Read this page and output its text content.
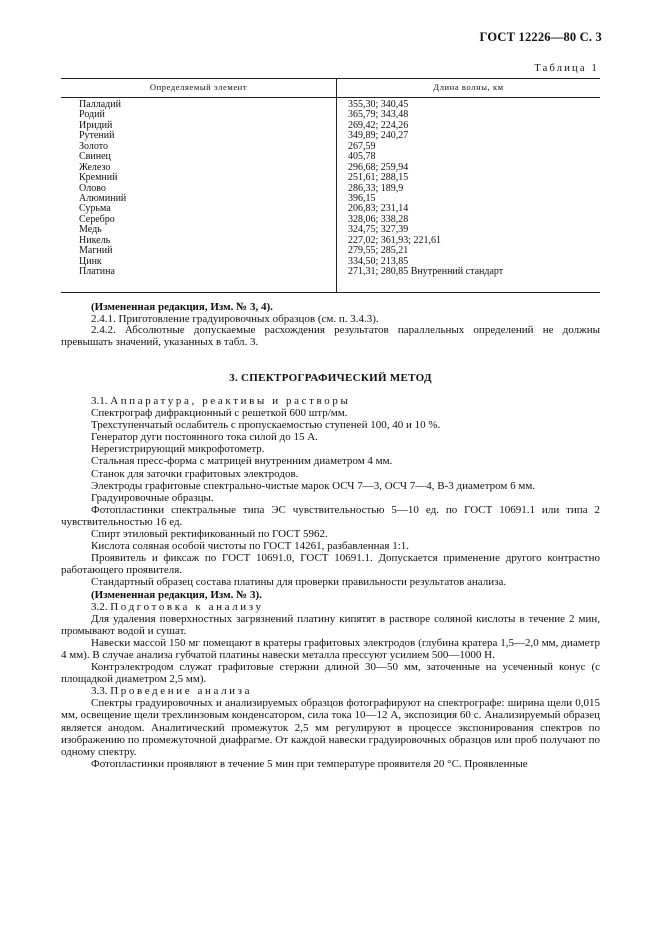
ГОСТ 12226—80 С. 3
Таблица 1
Определяемый элемент	Длина волны, км
Палладий	355,30; 340,45
Родий	365,79; 343,48
Иридий	269,42; 224,26
Рутений	349,89; 240,27
Золото	267,59
Свинец	405,78
Железо	296,68; 259,94
Кремний	251,61; 288,15
Олово	286,33; 189,9
Алюминий	396,15
Сурьма	206,83; 231,14
Серебро	328,06; 338,28
Медь	324,75; 327,39
Никель	227,02; 361,93; 221,61
Магний	279,55; 285,21
Цинк	334,50; 213,85
Платина	271,31; 280,85 Внутренний стандарт

(Измененная редакция, Изм. № 3, 4).

2.4.1. Приготовление градуировочных образцов (см. п. 3.4.3).

2.4.2. Абсолютные допускаемые расхождения результатов параллельных определений не должны превышать значений, указанных в табл. 3.

3. СПЕКТРОГРАФИЧЕСКИЙ МЕТОД

3.1. Аппаратура, реактивы и растворы

Спектрограф дифракционный с решеткой 600 штр/мм.

Трехступенчатый ослабитель с пропускаемостью ступеней 100, 40 и 10 %.

Генератор дуги постоянного тока силой до 15 А.

Нерегистрирующий микрофотометр.

Стальная пресс-форма с матрицей внутренним диаметром 4 мм.

Станок для заточки графитовых электродов.

Электроды графитовые спектрально-чистые марок ОСЧ 7—3, ОСЧ 7—4, В-3 диаметром 6 мм.

Градуировочные образцы.

Фотопластинки спектральные типа ЭС чувствительностью 5—10 ед. по ГОСТ 10691.1 или типа 2 чувствительностью 16 ед.

Спирт этиловый ректификованный по ГОСТ 5962.

Кислота соляная особой чистоты по ГОСТ 14261, разбавленная 1:1.

Проявитель и фиксаж по ГОСТ 10691.0, ГОСТ 10691.1. Допускается применение другого контрастно работающего проявителя.

Стандартный образец состава платины для проверки правильности результатов анализа.

(Измененная редакция, Изм. № 3).

3.2. Подготовка к анализу

Для удаления поверхностных загрязнений платину кипятят в растворе соляной кислоты в течение 2 мин, промывают водой и сушат.

Навески массой 150 мг помещают в кратеры графитовых электродов (глубина кратера 1,5—2,0 мм, диаметр 4 мм). В случае анализа губчатой платины навески металла прессуют усилием 500—1000 Н.

Контрэлектродом служат графитовые стержни длиной 30—50 мм, заточенные на усеченный конус (с площадкой диаметром 2,5 мм).

3.3. Проведение анализа

Спектры градуировочных и анализируемых образцов фотографируют на спектрографе: ширина щели 0,015 мм, освещение щели трехлинзовым конденсатором, сила тока 10—12 А, экспозиция 60 с. Анализируемый образец является анодом. Аналитический промежуток 2,5 мм регулируют в процессе экспонирования спектров по изображению по промежуточной диафрагме. От каждой навески градуировочных образцов или проб получают по одному спектру.

Фотопластинки проявляют в течение 5 мин при температуре проявителя 20 °С. Проявленные
